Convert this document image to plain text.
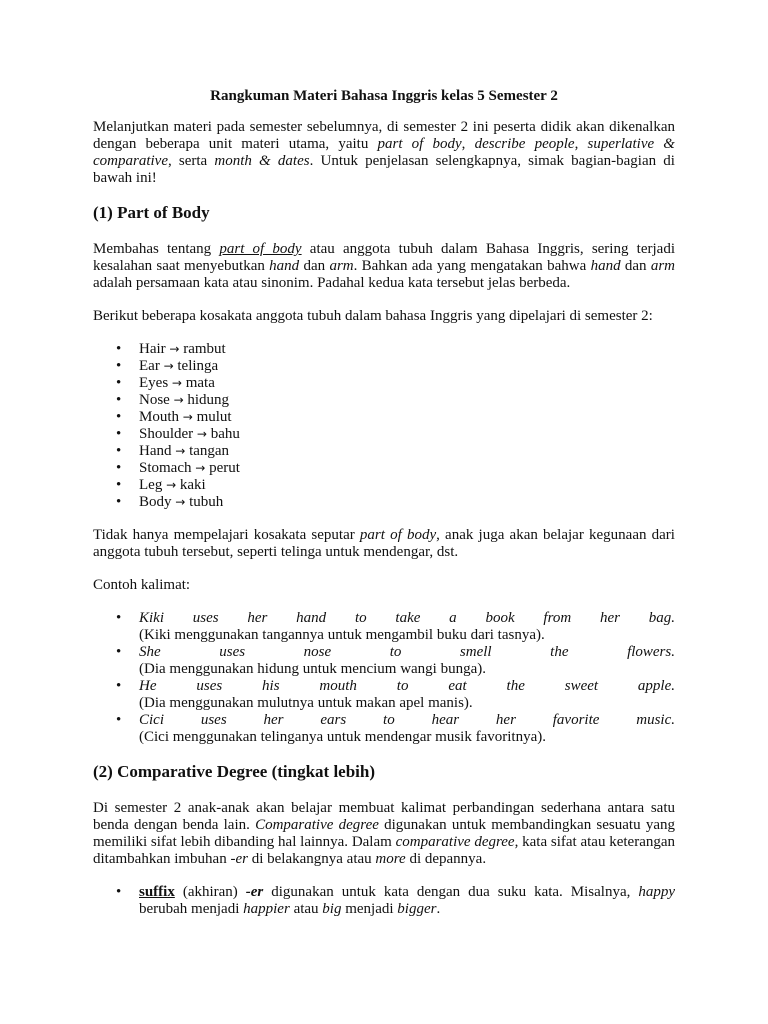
Rangkuman Materi Bahasa Inggris kelas 5 Semester 2

Melanjutkan materi pada semester sebelumnya, di semester 2 ini peserta didik akan dikenalkan dengan beberapa unit materi utama, yaitu part of body, describe people, superlative & comparative, serta month & dates. Untuk penjelasan selengkapnya, simak bagian-bagian di bawah ini!

(1) Part of Body

Membahas tentang part of body atau anggota tubuh dalam Bahasa Inggris, sering terjadi kesalahan saat menyebutkan hand dan arm. Bahkan ada yang mengatakan bahwa hand dan arm adalah persamaan kata atau sinonim. Padahal kedua kata tersebut jelas berbeda.

Berikut beberapa kosakata anggota tubuh dalam bahasa Inggris yang dipelajari di semester 2:

• Hair → rambut
• Ear → telinga
• Eyes → mata
• Nose → hidung
• Mouth → mulut
• Shoulder → bahu
• Hand → tangan
• Stomach → perut
• Leg → kaki
• Body → tubuh

Tidak hanya mempelajari kosakata seputar part of body, anak juga akan belajar kegunaan dari anggota tubuh tersebut, seperti telinga untuk mendengar, dst.

Contoh kalimat:

• Kiki uses her hand to take a book from her bag.
(Kiki menggunakan tangannya untuk mengambil buku dari tasnya).
• She uses nose to smell the flowers.
(Dia menggunakan hidung untuk mencium wangi bunga).
• He uses his mouth to eat the sweet apple.
(Dia menggunakan mulutnya untuk makan apel manis).
• Cici uses her ears to hear her favorite music.
(Cici menggunakan telinganya untuk mendengar musik favoritnya).
(2) Comparative Degree (tingkat lebih)

Di semester 2 anak-anak akan belajar membuat kalimat perbandingan sederhana antara satu benda dengan benda lain. Comparative degree digunakan untuk membandingkan sesuatu yang memiliki sifat lebih dibanding hal lainnya. Dalam comparative degree, kata sifat atau keterangan ditambahkan imbuhan -er di belakangnya atau more di depannya.

• suffix (akhiran) -er digunakan untuk kata dengan dua suku kata. Misalnya, happy berubah menjadi happier atau big menjadi bigger.
